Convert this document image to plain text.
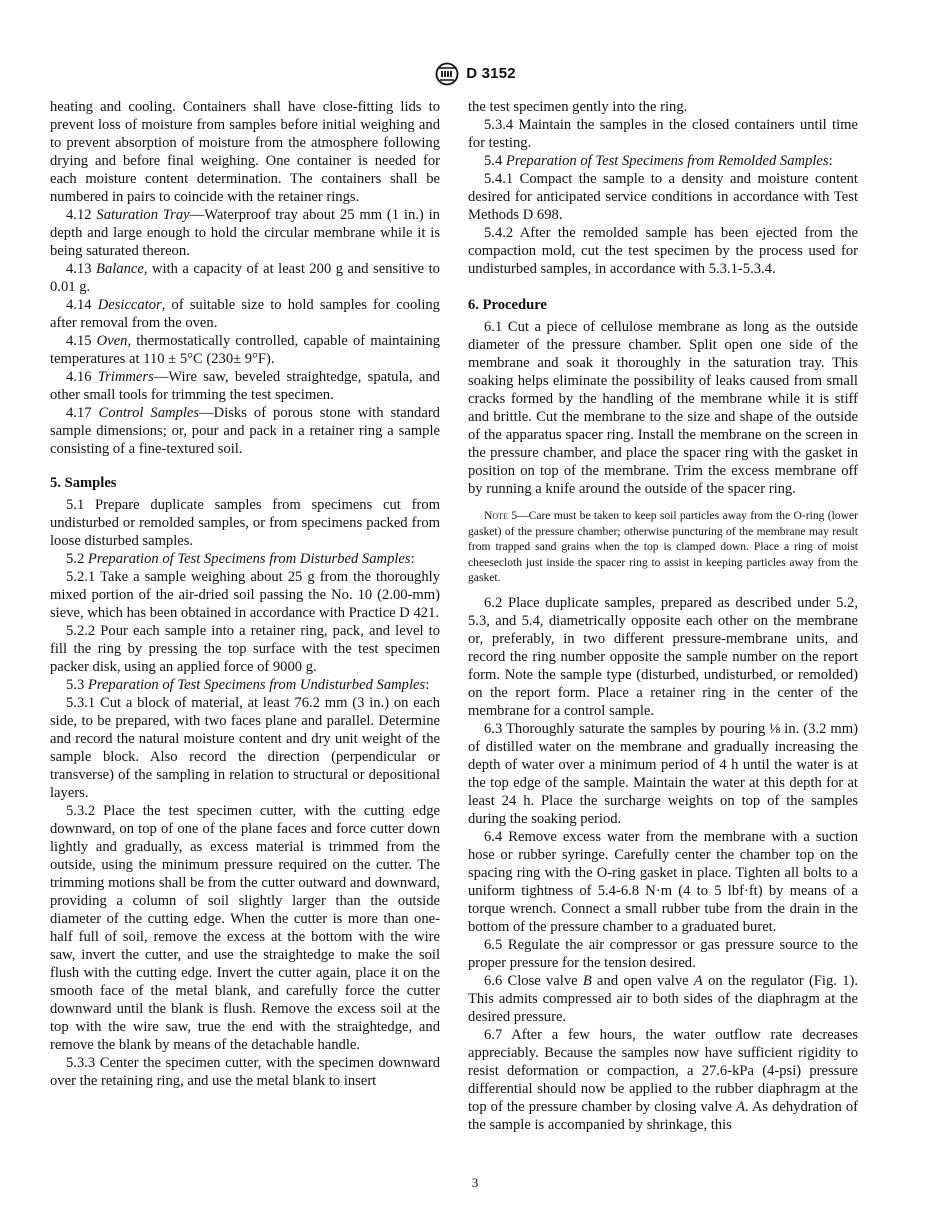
D 3152

heating and cooling. Containers shall have close-fitting lids to prevent loss of moisture from samples before initial weighing and to prevent absorption of moisture from the atmosphere following drying and before final weighing. One container is needed for each moisture content determination. The containers shall be numbered in pairs to coincide with the retainer rings.

4.12 Saturation Tray—Waterproof tray about 25 mm (1 in.) in depth and large enough to hold the circular membrane while it is being saturated thereon.

4.13 Balance, with a capacity of at least 200 g and sensitive to 0.01 g.

4.14 Desiccator, of suitable size to hold samples for cooling after removal from the oven.

4.15 Oven, thermostatically controlled, capable of maintaining temperatures at 110 ± 5°C (230± 9°F).

4.16 Trimmers—Wire saw, beveled straightedge, spatula, and other small tools for trimming the test specimen.

4.17 Control Samples—Disks of porous stone with standard sample dimensions; or, pour and pack in a retainer ring a sample consisting of a fine-textured soil.

5. Samples

5.1 Prepare duplicate samples from specimens cut from undisturbed or remolded samples, or from specimens packed from loose disturbed samples.

5.2 Preparation of Test Specimens from Disturbed Samples:

5.2.1 Take a sample weighing about 25 g from the thoroughly mixed portion of the air-dried soil passing the No. 10 (2.00-mm) sieve, which has been obtained in accordance with Practice D 421.

5.2.2 Pour each sample into a retainer ring, pack, and level to fill the ring by pressing the top surface with the test specimen packer disk, using an applied force of 9000 g.

5.3 Preparation of Test Specimens from Undisturbed Samples:

5.3.1 Cut a block of material, at least 76.2 mm (3 in.) on each side, to be prepared, with two faces plane and parallel. Determine and record the natural moisture content and dry unit weight of the sample block. Also record the direction (perpendicular or transverse) of the sampling in relation to structural or depositional layers.

5.3.2 Place the test specimen cutter, with the cutting edge downward, on top of one of the plane faces and force cutter down lightly and gradually, as excess material is trimmed from the outside, using the minimum pressure required on the cutter. The trimming motions shall be from the cutter outward and downward, providing a column of soil slightly larger than the outside diameter of the cutting edge. When the cutter is more than one-half full of soil, remove the excess at the bottom with the wire saw, invert the cutter, and use the straightedge to make the soil flush with the cutting edge. Invert the cutter again, place it on the smooth face of the metal blank, and carefully force the cutter downward until the blank is flush. Remove the excess soil at the top with the wire saw, true the end with the straightedge, and remove the blank by means of the detachable handle.

5.3.3 Center the specimen cutter, with the specimen downward over the retaining ring, and use the metal blank to insert

the test specimen gently into the ring.

5.3.4 Maintain the samples in the closed containers until time for testing.

5.4 Preparation of Test Specimens from Remolded Samples:

5.4.1 Compact the sample to a density and moisture content desired for anticipated service conditions in accordance with Test Methods D 698.

5.4.2 After the remolded sample has been ejected from the compaction mold, cut the test specimen by the process used for undisturbed samples, in accordance with 5.3.1-5.3.4.

6. Procedure

6.1 Cut a piece of cellulose membrane as long as the outside diameter of the pressure chamber. Split open one side of the membrane and soak it thoroughly in the saturation tray. This soaking helps eliminate the possibility of leaks caused from small cracks formed by the handling of the membrane while it is stiff and brittle. Cut the membrane to the size and shape of the outside of the apparatus spacer ring. Install the membrane on the screen in the pressure chamber, and place the spacer ring with the gasket in position on top of the membrane. Trim the excess membrane off by running a knife around the outside of the spacer ring.

Note 5—Care must be taken to keep soil particles away from the O-ring (lower gasket) of the pressure chamber; otherwise puncturing of the membrane may result from trapped sand grains when the top is clamped down. Place a ring of moist cheesecloth just inside the spacer ring to assist in keeping particles away from the gasket.

6.2 Place duplicate samples, prepared as described under 5.2, 5.3, and 5.4, diametrically opposite each other on the membrane or, preferably, in two different pressure-membrane units, and record the ring number opposite the sample number on the report form. Note the sample type (disturbed, undisturbed, or remolded) on the report form. Place a retainer ring in the center of the membrane for a control sample.

6.3 Thoroughly saturate the samples by pouring ⅛ in. (3.2 mm) of distilled water on the membrane and gradually increasing the depth of water over a minimum period of 4 h until the water is at the top edge of the sample. Maintain the water at this depth for at least 24 h. Place the surcharge weights on top of the samples during the soaking period.

6.4 Remove excess water from the membrane with a suction hose or rubber syringe. Carefully center the chamber top on the spacing ring with the O-ring gasket in place. Tighten all bolts to a uniform tightness of 5.4-6.8 N·m (4 to 5 lbf·ft) by means of a torque wrench. Connect a small rubber tube from the drain in the bottom of the pressure chamber to a graduated buret.

6.5 Regulate the air compressor or gas pressure source to the proper pressure for the tension desired.

6.6 Close valve B and open valve A on the regulator (Fig. 1). This admits compressed air to both sides of the diaphragm at the desired pressure.

6.7 After a few hours, the water outflow rate decreases appreciably. Because the samples now have sufficient rigidity to resist deformation or compaction, a 27.6-kPa (4-psi) pressure differential should now be applied to the rubber diaphragm at the top of the pressure chamber by closing valve A. As dehydration of the sample is accompanied by shrinkage, this

3
